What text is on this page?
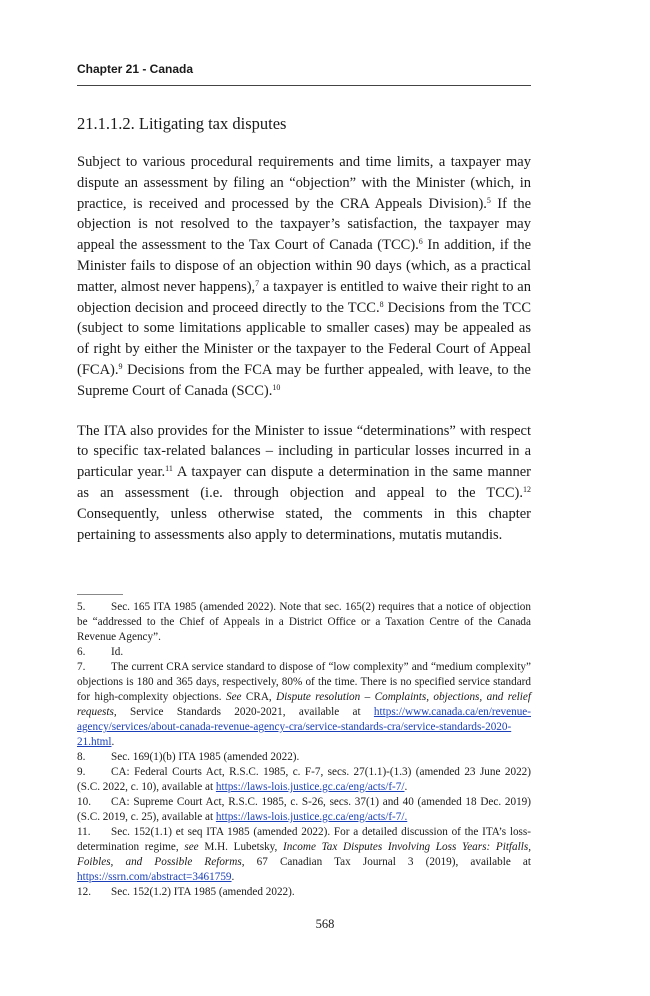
Chapter 21 - Canada
21.1.1.2. Litigating tax disputes

Subject to various procedural requirements and time limits, a taxpayer may dispute an assessment by filing an “objection” with the Minister (which, in practice, is received and processed by the CRA Appeals Division).$^5$ If the objection is not resolved to the taxpayer’s satisfaction, the taxpayer may appeal the assessment to the Tax Court of Canada (TCC).$^6$ In addition, if the Minister fails to dispose of an objection within 90 days (which, as a practical matter, almost never happens),$^7$ a taxpayer is entitled to waive their right to an objection decision and proceed directly to the TCC.$^8$ Decisions from the TCC (subject to some limitations applicable to smaller cases) may be appealed as of right by either the Minister or the taxpayer to the Federal Court of Appeal (FCA).$^9$ Decisions from the FCA may be further appealed, with leave, to the Supreme Court of Canada (SCC).$^{10}$

The ITA also provides for the Minister to issue “determinations” with respect to specific tax-related balances – including in particular losses incurred in a particular year.$^{11}$ A taxpayer can dispute a determination in the same manner as an assessment (i.e. through objection and appeal to the TCC).$^{12}$ Consequently, unless otherwise stated, the comments in this chapter pertaining to assessments also apply to determinations, mutatis mutandis.

5. Sec. 165 ITA 1985 (amended 2022). Note that sec. 165(2) requires that a notice of objection be “addressed to the Chief of Appeals in a District Office or a Taxation Centre of the Canada Revenue Agency”.

6. Id.

7. The current CRA service standard to dispose of “low complexity” and “medium complexity” objections is 180 and 365 days, respectively, 80% of the time. There is no specified service standard for high-complexity objections. See CRA, Dispute resolution – Complaints, objections, and relief requests, Service Standards 2020-2021, available at https://www.canada.ca/en/revenue-agency/services/about-canada-revenue-agency-cra/service-standards-cra/service-standards-2020-21.html.

8. Sec. 169(1)(b) ITA 1985 (amended 2022).

9. CA: Federal Courts Act, R.S.C. 1985, c. F-7, secs. 27(1.1)-(1.3) (amended 23 June 2022) (S.C. 2022, c. 10), available at https://laws-lois.justice.gc.ca/eng/acts/f-7/.

10. CA: Supreme Court Act, R.S.C. 1985, c. S-26, secs. 37(1) and 40 (amended 18 Dec. 2019) (S.C. 2019, c. 25), available at https://laws-lois.justice.gc.ca/eng/acts/f-7/.

11. Sec. 152(1.1) et seq ITA 1985 (amended 2022). For a detailed discussion of the ITA’s loss-determination regime, see M.H. Lubetsky, Income Tax Disputes Involving Loss Years: Pitfalls, Foibles, and Possible Reforms, 67 Canadian Tax Journal 3 (2019), available at https://ssrn.com/abstract=3461759.

12. Sec. 152(1.2) ITA 1985 (amended 2022).

568
